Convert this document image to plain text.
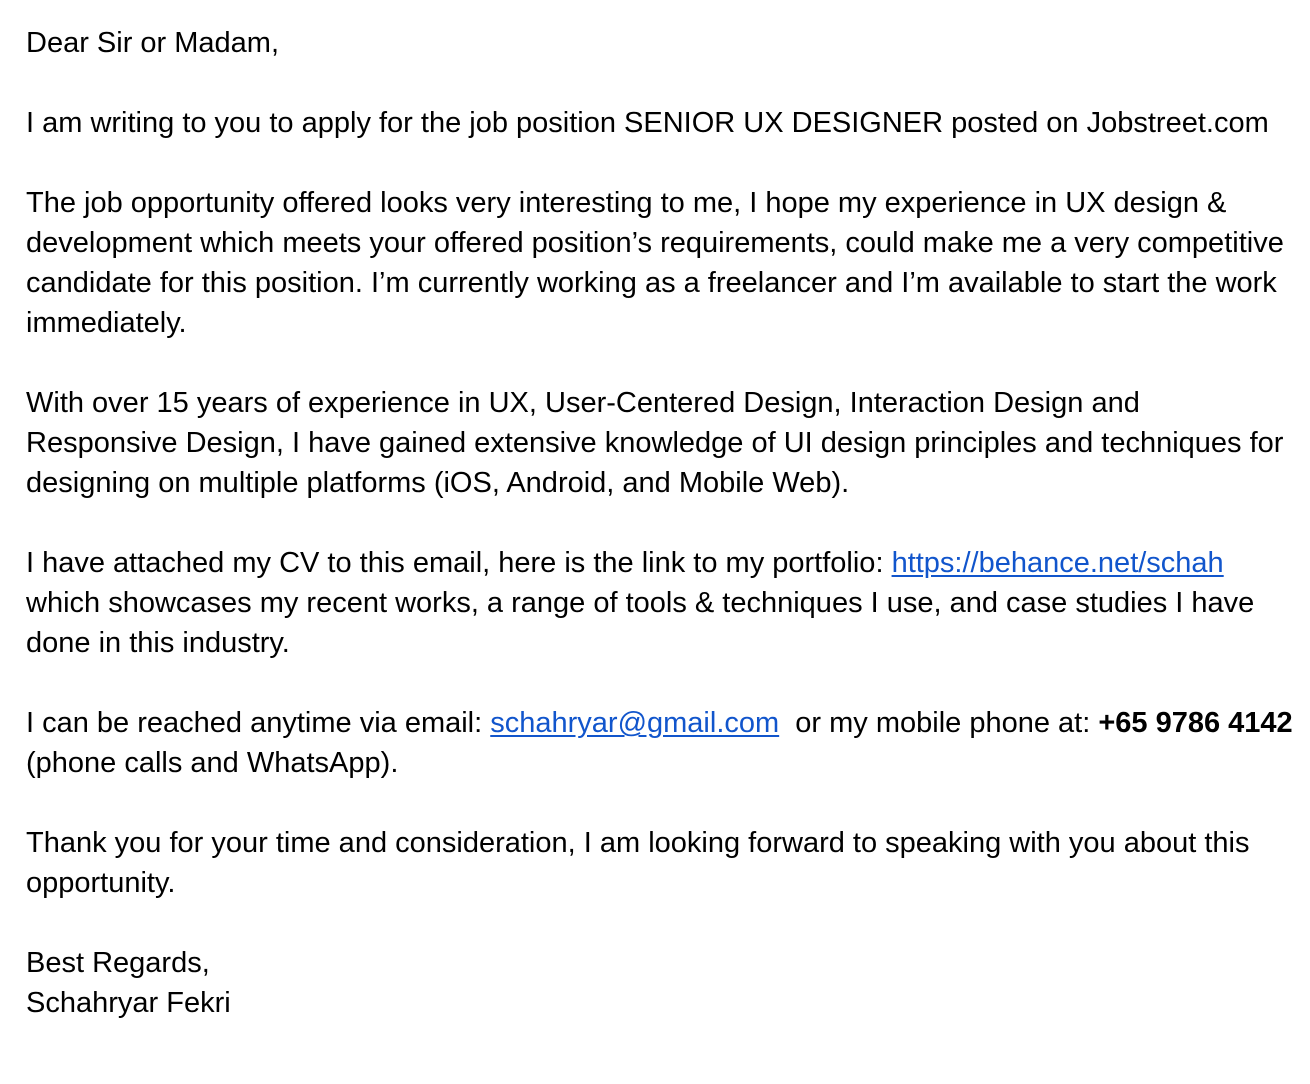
Dear Sir or Madam,

I am writing to you to apply for the job position SENIOR UX DESIGNER posted on Jobstreet.com

The job opportunity offered looks very interesting to me, I hope my experience in UX design & development which meets your offered position’s requirements, could make me a very competitive candidate for this position. I’m currently working as a freelancer and I’m available to start the work immediately.

With over 15 years of experience in UX, User-Centered Design, Interaction Design and Responsive Design, I have gained extensive knowledge of UI design principles and techniques for designing on multiple platforms (iOS, Android, and Mobile Web).

I have attached my CV to this email, here is the link to my portfolio: https://behance.net/schah which showcases my recent works, a range of tools & techniques I use, and case studies I have done in this industry.

I can be reached anytime via email: schahryar@gmail.com  or my mobile phone at: +65 9786 4142 (phone calls and WhatsApp).

Thank you for your time and consideration, I am looking forward to speaking with you about this opportunity.

Best Regards,

Schahryar Fekri
